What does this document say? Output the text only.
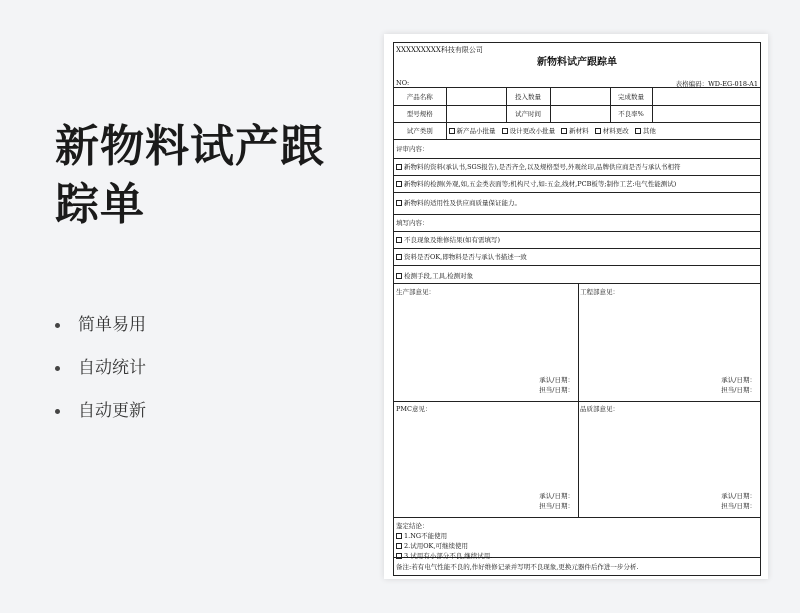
新物料试产跟踪单
简单易用
自动统计
自动更新
XXXXXXXXX科技有限公司
新物料试产跟踪单
NO:	表格编码：WD-EG-018-A1
产品名称		投入数量		完成数量	
型号规格		试产时间		不良率%	
试产类别	新产品小批量 设计更改小批量 新材料 材料更改 其他				
评审内容：
新物料的资料(承认书,SGS报告),是否齐全,以及规格型号,外观丝印,品牌供应商是否与承认书相符
新物料的检测(外观,如,五金类表面等;机构尺寸,如:五金,线材,PCB板等;制作工艺:电气性能测试)
新物料的适用性及供应商质量保证能力。
填写内容：
不良现象及维修结果(如有需填写)
资料是否OK,即物料是否与承认书描述一致
检测手段,工具,检测对象
生产部意见：
承认/日期：
担当/日期：
工程部意见：
承认/日期：
担当/日期：
PMC意见：
承认/日期：
担当/日期：
品质部意见：
承认/日期：
担当/日期：
鉴定结论：
1.NG不能使用
2.试用OK,可继续使用
3.试用有小部分不良,继续试用.
备注:若有电气性能不良的,作好维修记录并写明不良现象,更换元器件后作进一步分析.
